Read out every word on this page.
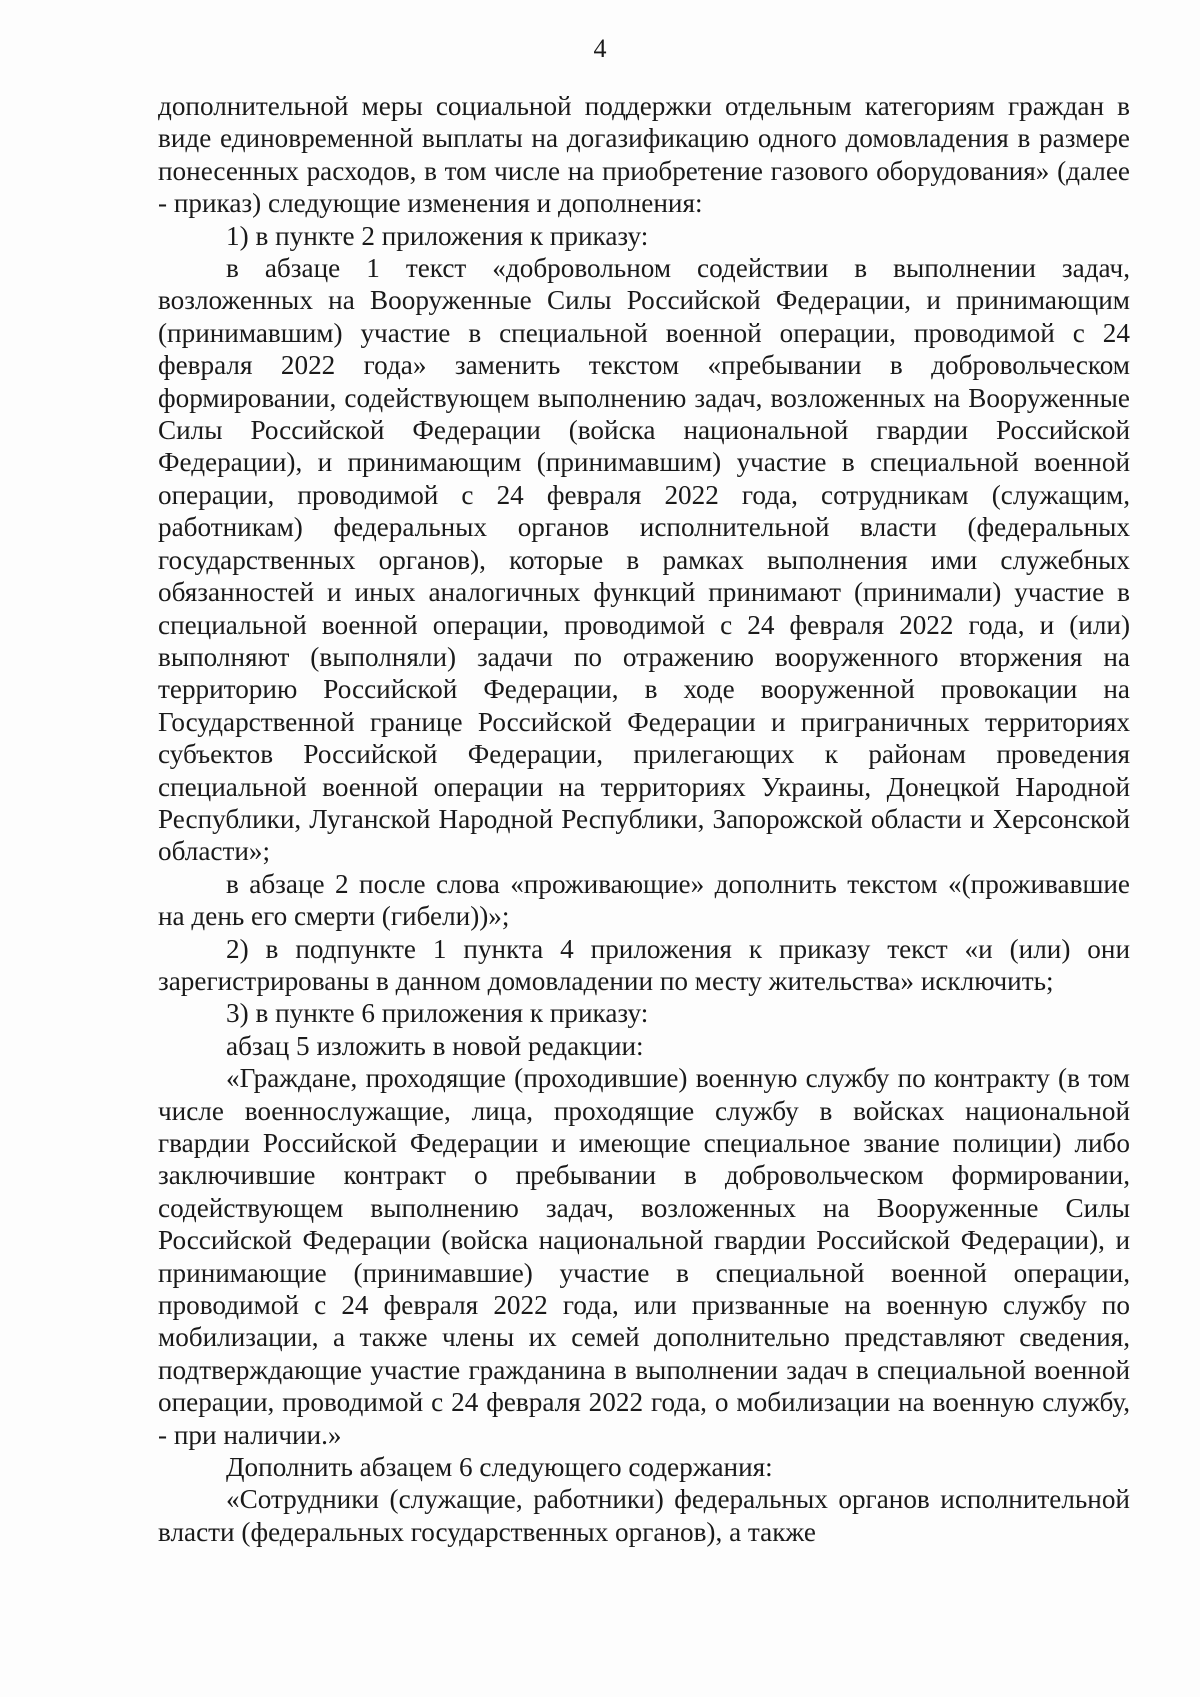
4

дополнительной меры социальной поддержки отдельным категориям граждан в виде единовременной выплаты на догазификацию одного домовладения в размере понесенных расходов, в том числе на приобретение газового оборудования» (далее - приказ) следующие изменения и дополнения:

1) в пункте 2 приложения к приказу:

в абзаце 1 текст «добровольном содействии в выполнении задач, возложенных на Вооруженные Силы Российской Федерации, и принимающим (принимавшим) участие в специальной военной операции, проводимой с 24 февраля 2022 года» заменить текстом «пребывании в добровольческом формировании, содействующем выполнению задач, возложенных на Вооруженные Силы Российской Федерации (войска национальной гвардии Российской Федерации), и принимающим (принимавшим) участие в специальной военной операции, проводимой с 24 февраля 2022 года, сотрудникам (служащим, работникам) федеральных органов исполнительной власти (федеральных государственных органов), которые в рамках выполнения ими служебных обязанностей и иных аналогичных функций принимают (принимали) участие в специальной военной операции, проводимой с 24 февраля 2022 года, и (или) выполняют (выполняли) задачи по отражению вооруженного вторжения на территорию Российской Федерации, в ходе вооруженной провокации на Государственной границе Российской Федерации и приграничных территориях субъектов Российской Федерации, прилегающих к районам проведения специальной военной операции на территориях Украины, Донецкой Народной Республики, Луганской Народной Республики, Запорожской области и Херсонской области»;

в абзаце 2 после слова «проживающие» дополнить текстом «(проживавшие на день его смерти (гибели))»;

2) в подпункте 1 пункта 4 приложения к приказу текст «и (или) они зарегистрированы в данном домовладении по месту жительства» исключить;

3) в пункте 6 приложения к приказу:

абзац 5 изложить в новой редакции:

«Граждане, проходящие (проходившие) военную службу по контракту (в том числе военнослужащие, лица, проходящие службу в войсках национальной гвардии Российской Федерации и имеющие специальное звание полиции) либо заключившие контракт о пребывании в добровольческом формировании, содействующем выполнению задач, возложенных на Вооруженные Силы Российской Федерации (войска национальной гвардии Российской Федерации), и принимающие (принимавшие) участие в специальной военной операции, проводимой с 24 февраля 2022 года, или призванные на военную службу по мобилизации, а также члены их семей дополнительно представляют сведения, подтверждающие участие гражданина в выполнении задач в специальной военной операции, проводимой с 24 февраля 2022 года, о мобилизации на военную службу, - при наличии.»

Дополнить абзацем 6 следующего содержания:

«Сотрудники (служащие, работники) федеральных органов исполнительной власти (федеральных государственных органов), а также
